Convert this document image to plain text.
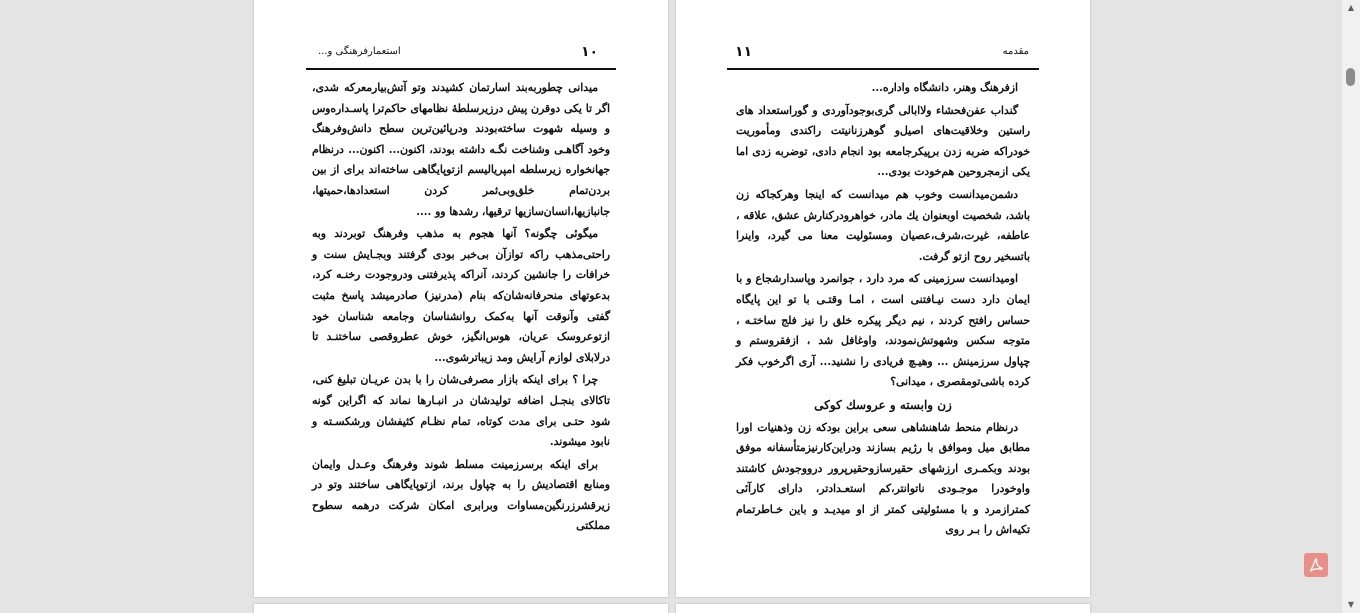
استعمارفرهنگی و...	١٠

میدانی چطوربه‌بند اسارتمان کشیدند وتو آتش‌بیارمعرکه شدی، اگر تا یکی دوقرن پیش درزیرسلطهٔ نظامهای حاکم‌ترا پاسـداره‌وس و وسیله شهوت ساخته‌بودند ودرپائین‌ترین سطح دانش‌وفرهنگ وخود آگاهـی وشناخت نگـه داشته بودند، اکنون... اکنون... درنظام جهانخواره زیرسلطه امپریالیسم ازتوپایگاهی ساخته‌اند برای از بین‌ بردن‌تمام خلق‌وبی‌ثمر کردن استعدادها،حمیتها، جانبازیها،انسان‌سازیها ترقیها، رشدها وو ....

میگوئی چگونه؟ آنها هجوم به مذهب وفرهنگ توبردند وبه راحتی‌مذهب راکه توازآن بی‌خبر بودی گرفتند وبجـایش سنت و خرافات را جانشین کردند، آنراکه پذیرفتنی ودروجودت رخنـه کرد، بدعوتهای منحرفانه‌شان‌که بنام (مدرنیز) صادرمیشد پاسخ مثبت گفتی وآنوقت آنها به‌کمک روانشناسان وجامعه شناسان خود ازتوعروسک عریان، هوس‌انگیز، خوش عطروقصی ساختنـد تا درلابلای لوازم آرایش ومد زیباترشوی...

چرا ؟ برای اینکه بازار مصرفی‌شان را با بدن عریـان تبلیغ کنی، تاکالای بنجـل اضافه تولیدشان در انبـارها نماند که اگراین گونه شود حتـی برای مدت کوتاه، تمام نظـام کثیفشان ورشکسـته و نابود میشوند.

برای اینکه برسرزمینت مسلط شوند وفرهنگ وعـدل وایمان ومنابع اقتصادیش را به چپاول برند، ازتوپایگاهی ساختند وتو در زیرقشرزرنگین‌مساوات وبرابری امکان شرکت درهمه سطوح مملکتی

١١	مقدمه

ازفرهنگ وهنر، دانشگاه واداره...

گنداب عفن‌فحشاء ولاابالی گری‌بوجودآوردی و گوراستعداد های راستین وخلاقیت‌های اصیل‌و گوهرزنانیتت راکندی ومأموریت خودراکه ضربه زدن برپیکرجامعه بود انجام دادی، توضربه زدی اما یکی ازمجروحین هم‌خودت بودی...

دشمن‌میدانست وخوب هم میدانست که اینجا وهرکجاکه زن باشد، شخصیت اوبعنوان یك مادر، خواهرودرکنارش عشق، علاقه ، عاطفه، غیرت،شرف،عصیان ومسئولیت معنا می گیرد، واینرا باتسخیر روح ازتو گرفت.

اومیدانست سرزمینی که مرد دارد ، جوانمرد وپاسدارشجاع و با ایمان دارد دست نیـافتنی است ، امـا وقتـی با تو این پایگاه حساس رافتح کردند ، نیم دیگر پیکره خلق را نیز فلج ساختـه ، متوجه سکس وشهوتش‌نمودند، واوغافل شد ، ازفقروستم و چپاول سرزمینش ... وهیـچ فریادی را نشنید... آری اگرخوب فکر کرده باشی‌تومقصری ، میدانی؟

زن وابسته و عروسك كوكی

درنظام منحط شاهنشاهی سعی براین بودکه زن وذهنیات اورا مطابق میل وموافق با رژیم بسازند ودراین‌کارنیزمتأسفانه موفق بودند وبکمـری ارزشهای حقیرسازوحقیرپرور درووجودش کاشتند واوخودرا موجـودی ناتوانتر،کم استعـدادتر، دارای کارآئی کمترازمرد و با مسئولیتی کمتر از او میدیـد و باین خـاطرتمام تکیه‌اش را بـر روی

▲
▼
